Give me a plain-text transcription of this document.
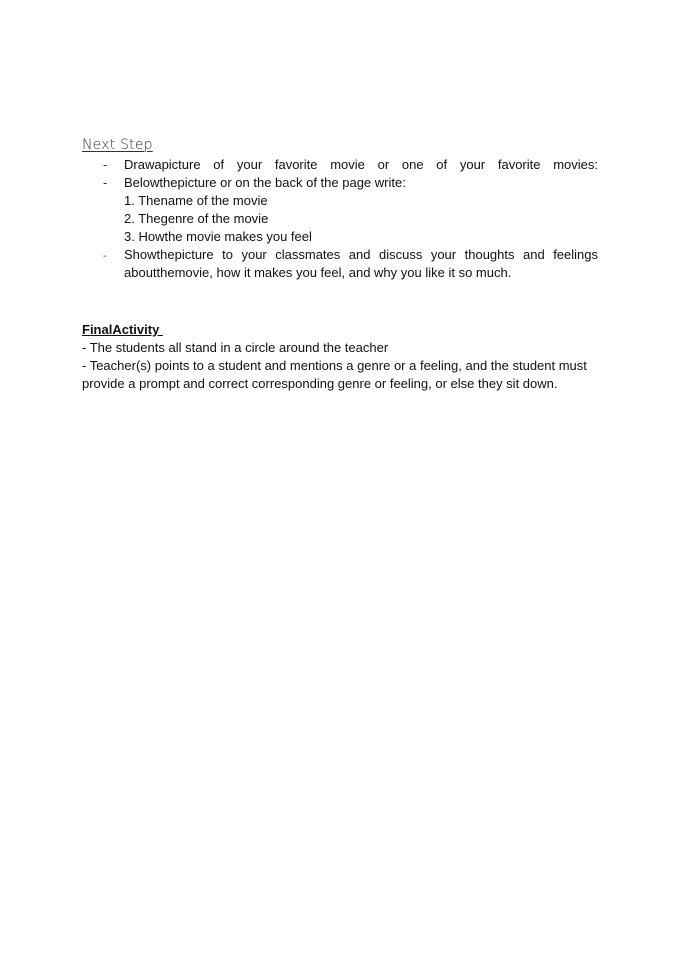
Next Step
- Drawapicture of your favorite movie or one of your favorite movies:
- Belowthepicture or on the back of the page write:
1. Thename of the movie
2. Thegenre of the movie
3. Howthe movie makes you feel
- Showthepicture to your classmates and discuss your thoughts and feelings
aboutthemovie, how it makes you feel, and why you like it so much.
FinalActivity
- The students all stand in a circle around the teacher
- Teacher(s) points to a student and mentions a genre or a feeling, and the student must provide a prompt and correct corresponding genre or feeling, or else they sit down.
